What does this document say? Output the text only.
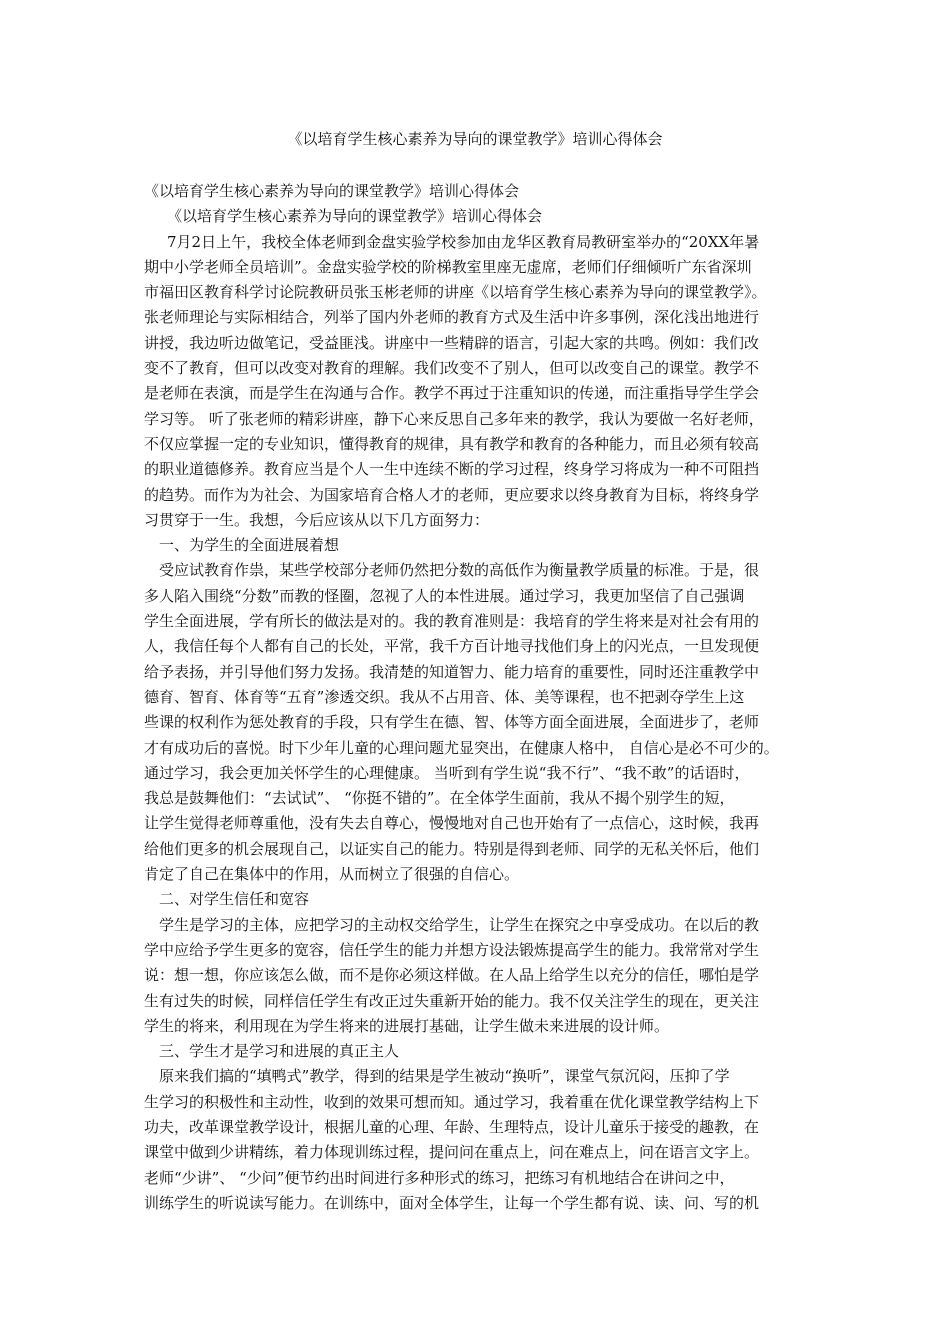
《以培育学生核心素养为导向的课堂教学》培训心得体会
《以培育学生核心素养为导向的课堂教学》培训心得体会
《以培育学生核心素养为导向的课堂教学》培训心得体会
7月2日上午，我校全体老师到金盘实验学校参加由龙华区教育局教研室举办的“20XX年暑
期中小学老师全员培训”。金盘实验学校的阶梯教室里座无虚席，老师们仔细倾听广东省深圳
市福田区教育科学讨论院教研员张玉彬老师的讲座《以培育学生核心素养为导向的课堂教学》。
张老师理论与实际相结合，列举了国内外老师的教育方式及生活中许多事例，深化浅出地进行
讲授，我边听边做笔记，受益匪浅。讲座中一些精辟的语言，引起大家的共鸣。例如：我们改
变不了教育，但可以改变对教育的理解。我们改变不了别人，但可以改变自己的课堂。教学不
是老师在表演，而是学生在沟通与合作。教学不再过于注重知识的传递，而注重指导学生学会
学习等。 听了张老师的精彩讲座，静下心来反思自己多年来的教学，我认为要做一名好老师，
不仅应掌握一定的专业知识，懂得教育的规律，具有教学和教育的各种能力，而且必须有较高
的职业道德修养。教育应当是个人一生中连续不断的学习过程，终身学习将成为一种不可阻挡
的趋势。而作为为社会、为国家培育合格人才的老师，更应要求以终身教育为目标，将终身学
习贯穿于一生。我想，今后应该从以下几方面努力：
一、为学生的全面进展着想
受应试教育作祟，某些学校部分老师仍然把分数的高低作为衡量教学质量的标准。于是，很
多人陷入围绕“分数”而教的怪圈，忽视了人的本性进展。通过学习，我更加坚信了自己强调
学生全面进展，学有所长的做法是对的。我的教育准则是：我培育的学生将来是对社会有用的
人，我信任每个人都有自己的长处，平常，我千方百计地寻找他们身上的闪光点，一旦发现便
给予表扬，并引导他们努力发扬。我清楚的知道智力、能力培育的重要性，同时还注重教学中
德育、智育、体育等“五育”渗透交织。我从不占用音、体、美等课程，也不把剥夺学生上这
些课的权利作为惩处教育的手段，只有学生在德、智、体等方面全面进展，全面进步了，老师
才有成功后的喜悦。时下少年儿童的心理问题尤显突出，在健康人格中， 自信心是必不可少的。
通过学习，我会更加关怀学生的心理健康。 当听到有学生说“我不行”、“我不敢”的话语时，
我总是鼓舞他们：“去试试”、 “你挺不错的”。在全体学生面前，我从不揭个别学生的短，
让学生觉得老师尊重他，没有失去自尊心，慢慢地对自己也开始有了一点信心，这时候，我再
给他们更多的机会展现自己，以证实自己的能力。特别是得到老师、同学的无私关怀后，他们
肯定了自己在集体中的作用，从而树立了很强的自信心。
二、对学生信任和宽容
学生是学习的主体，应把学习的主动权交给学生，让学生在探究之中享受成功。在以后的教
学中应给予学生更多的宽容，信任学生的能力并想方设法锻炼提高学生的能力。我常常对学生
说：想一想，你应该怎么做，而不是你必须这样做。在人品上给学生以充分的信任，哪怕是学
生有过失的时候，同样信任学生有改正过失重新开始的能力。我不仅关注学生的现在，更关注
学生的将来，利用现在为学生将来的进展打基础，让学生做未来进展的设计师。
三、学生才是学习和进展的真正主人
原来我们搞的“填鸭式”教学，得到的结果是学生被动“换听”，课堂气氛沉闷，压抑了学
生学习的积极性和主动性，收到的效果可想而知。通过学习，我着重在优化课堂教学结构上下
功夫，改革课堂教学设计，根据儿童的心理、年龄、生理特点，设计儿童乐于接受的趣教，在
课堂中做到少讲精练，着力体现训练过程，提问问在重点上，问在难点上，问在语言文字上。
老师“少讲”、 “少问”便节约出时间进行多种形式的练习，把练习有机地结合在讲问之中，
训练学生的听说读写能力。在训练中，面对全体学生，让每一个学生都有说、读、问、写的机
